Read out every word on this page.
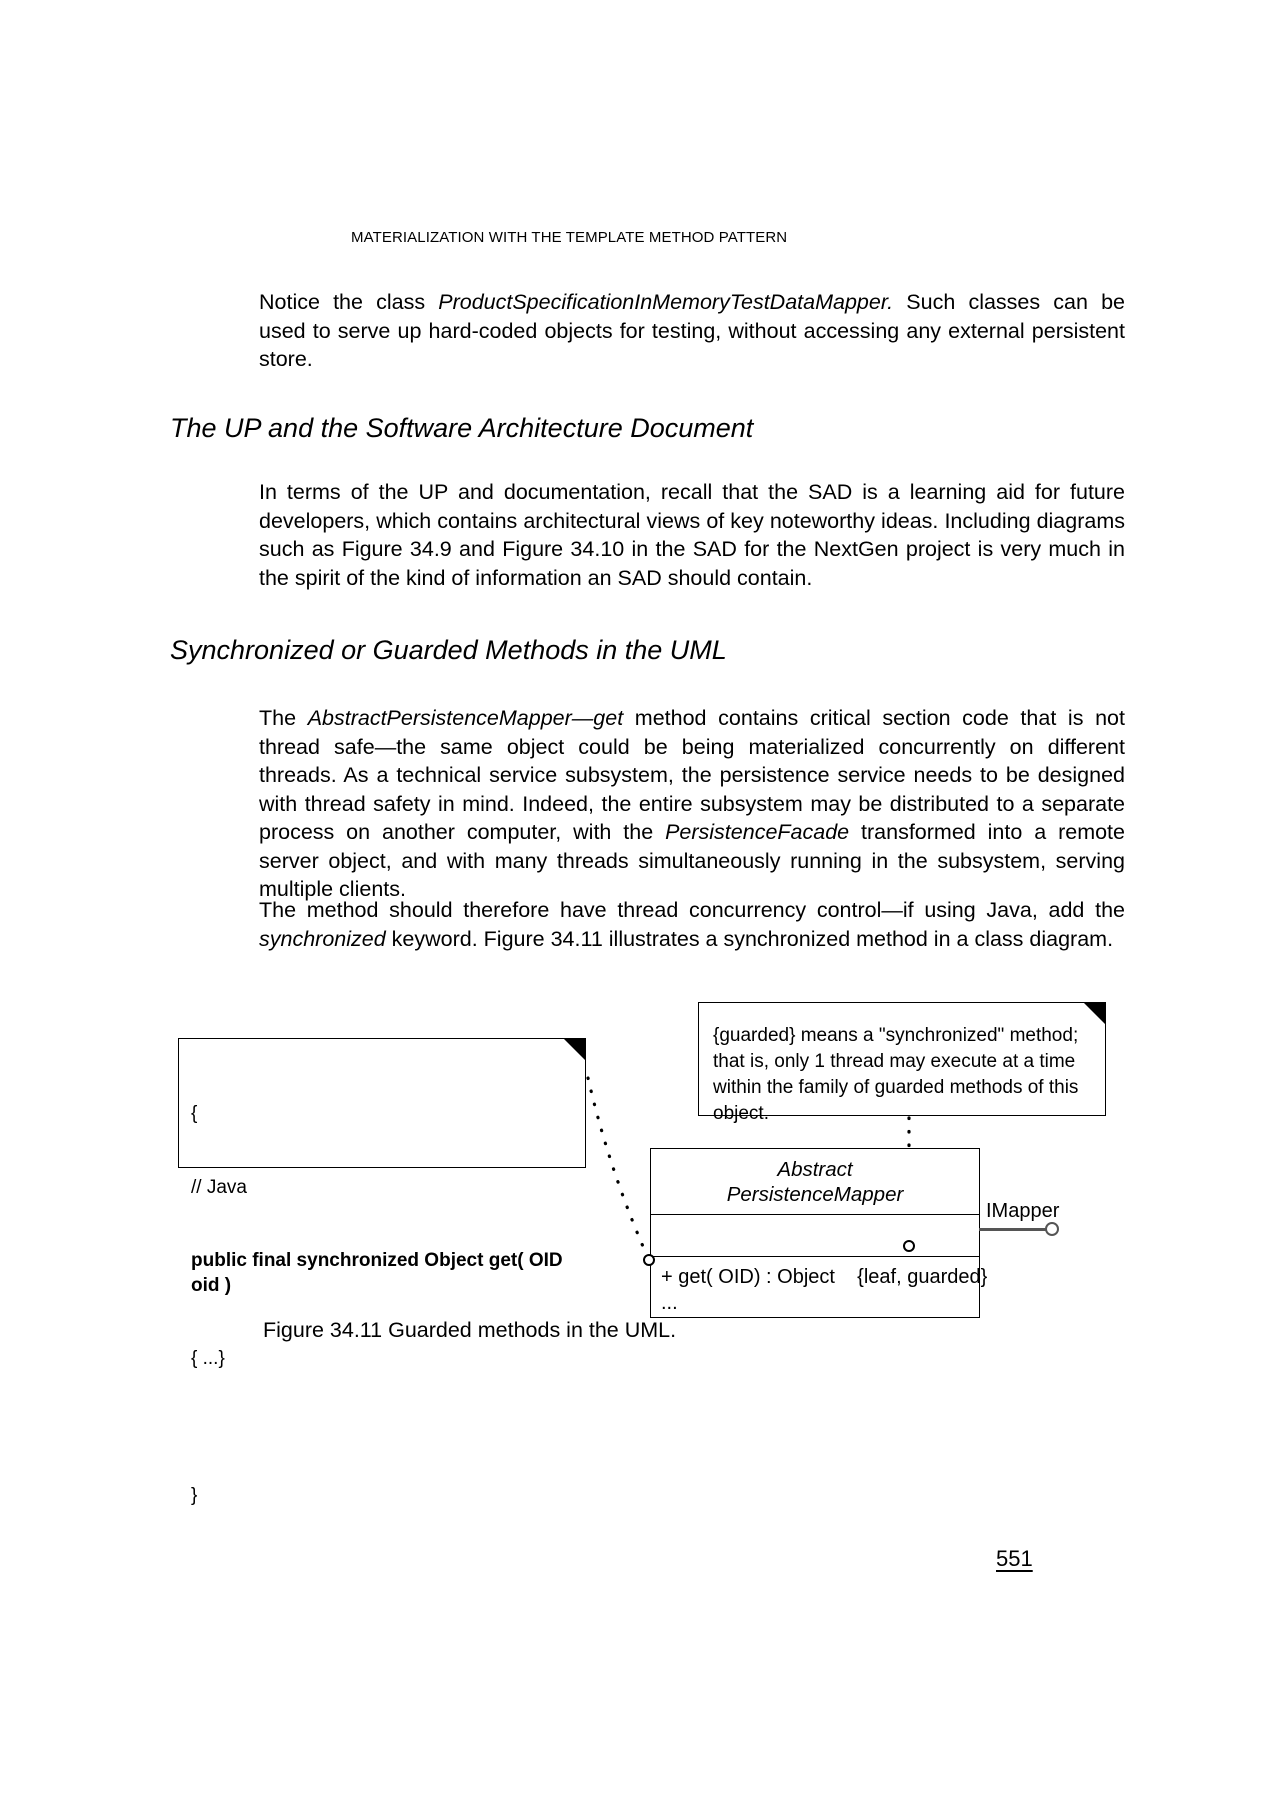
MATERIALIZATION WITH THE TEMPLATE METHOD PATTERN

Notice the class ProductSpecificationInMemoryTestDataMapper. Such classes can be used to serve up hard-coded objects for testing, without accessing any external persistent store.

The UP and the Software Architecture Document

In terms of the UP and documentation, recall that the SAD is a learning aid for future developers, which contains architectural views of key noteworthy ideas. Including diagrams such as Figure 34.9 and Figure 34.10 in the SAD for the NextGen project is very much in the spirit of the kind of information an SAD should contain.

Synchronized or Guarded Methods in the UML

The AbstractPersistenceMapper—get method contains critical section code that is not thread safe—the same object could be being materialized concurrently on different threads. As a technical service subsystem, the persistence service needs to be designed with thread safety in mind. Indeed, the entire subsystem may be distributed to a separate process on another computer, with the PersistenceFacade transformed into a remote server object, and with many threads simultaneously running in the subsystem, serving multiple clients.

The method should therefore have thread concurrency control—if using Java, add the synchronized keyword. Figure 34.11 illustrates a synchronized method in a class diagram.

{

// Java

public final synchronized Object get( OID oid )

{ ...}

}

{guarded} means a "synchronized" method; that is, only 1 thread may execute at a time within the family of guarded methods of this object.
Abstract
PersistenceMapper
+ get( OID) : Object    {leaf, guarded}
...
IMapper
Figure 34.11 Guarded methods in the UML.
551
